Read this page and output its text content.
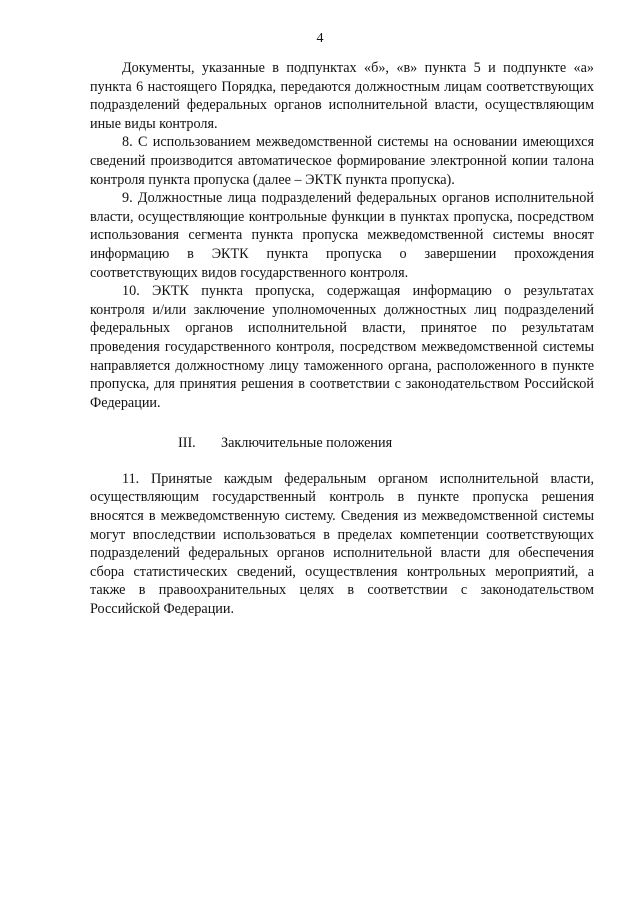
4

Документы, указанные в подпунктах «б», «в» пункта 5 и подпункте «а»
пункта 6 настоящего Порядка, передаются должностным лицам соответствующих
подразделений федеральных органов исполнительной власти, осуществляющим
иные виды контроля.

8. С использованием межведомственной системы на основании имеющихся
сведений производится автоматическое формирование электронной копии талона
контроля пункта пропуска (далее – ЭКТК пункта пропуска).

9. Должностные лица подразделений федеральных органов исполнительной
власти, осуществляющие контрольные функции в пунктах пропуска, посредством
использования сегмента пункта пропуска межведомственной системы вносят
информацию в ЭКТК пункта пропуска о завершении прохождения
соответствующих видов государственного контроля.

10. ЭКТК пункта пропуска, содержащая информацию о результатах
контроля и/или заключение уполномоченных должностных лиц подразделений
федеральных органов исполнительной власти, принятое по результатам
проведения государственного контроля, посредством межведомственной системы
направляется должностному лицу таможенного органа, расположенного в пункте
пропуска, для принятия решения в соответствии с законодательством Российской
Федерации.

III. Заключительные положения

11. Принятые каждым федеральным органом исполнительной власти,
осуществляющим государственный контроль в пункте пропуска решения
вносятся в межведомственную систему. Сведения из межведомственной системы
могут впоследствии использоваться в пределах компетенции соответствующих
подразделений федеральных органов исполнительной власти для обеспечения
сбора статистических сведений, осуществления контрольных мероприятий, а
также в правоохранительных целях в соответствии с законодательством
Российской Федерации.
